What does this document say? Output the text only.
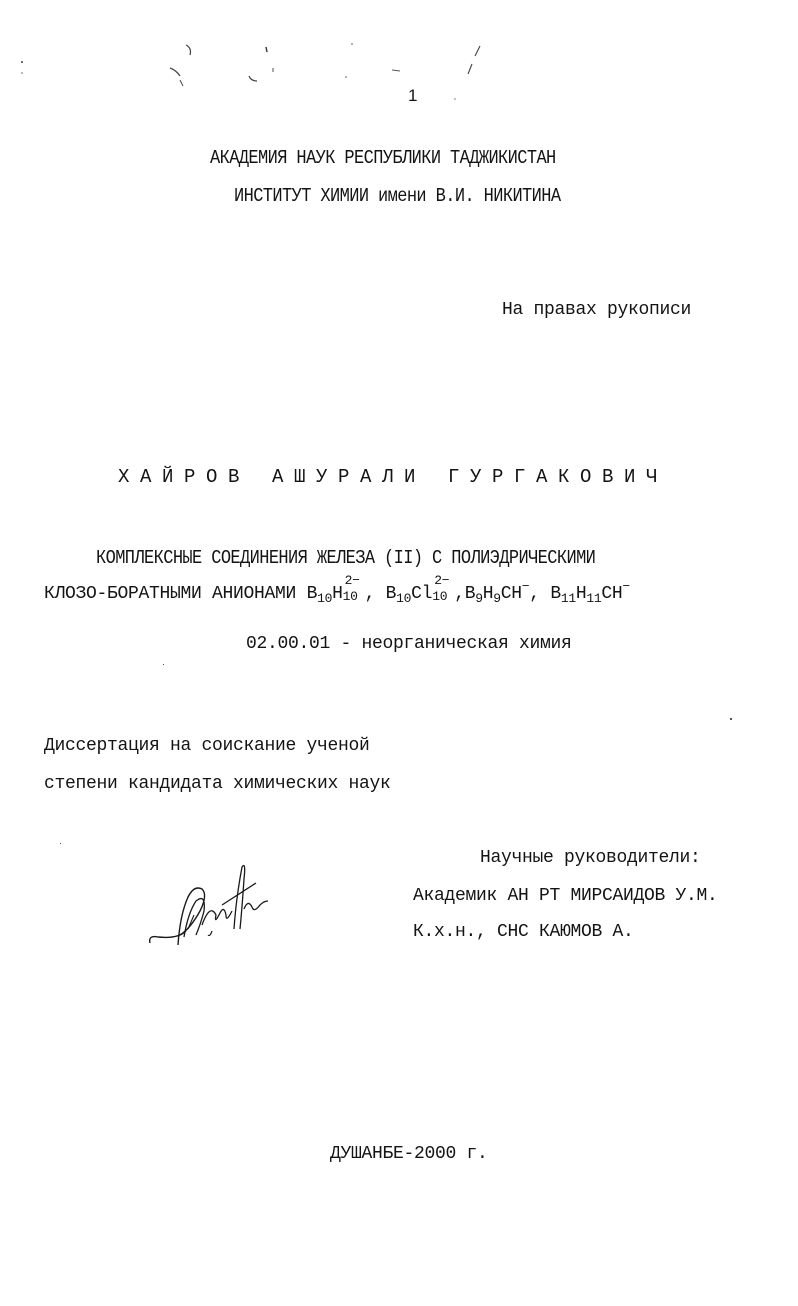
1
АКАДЕМИЯ НАУК РЕСПУБЛИКИ ТАДЖИКИСТАН
ИНСТИТУТ ХИМИИ имени В.И. НИКИТИНА
На правах рукописи
ХАЙРОВ АШУРАЛИ ГУРГАКОВИЧ
КОМПЛЕКСНЫЕ СОЕДИНЕНИЯ ЖЕЛЕЗА (II) С ПОЛИЭДРИЧЕСКИМИ
КЛОЗО-БОРАТНЫМИ АНИОНАМИ $B_{10}H$
2−
10 , $B_{10}Cl$
2−
10 $,B_9H_9CH^-$, $B_{11}H_{11}CH^-$
02.00.01 - неорганическая химия
Диссертация на соискание ученой
степени кандидата химических наук
Научные руководители:
Академик АН РТ МИРСАИДОВ У.М.
К.х.н., СНС КАЮМОВ А.
ДУШАНБЕ-2000 г.
